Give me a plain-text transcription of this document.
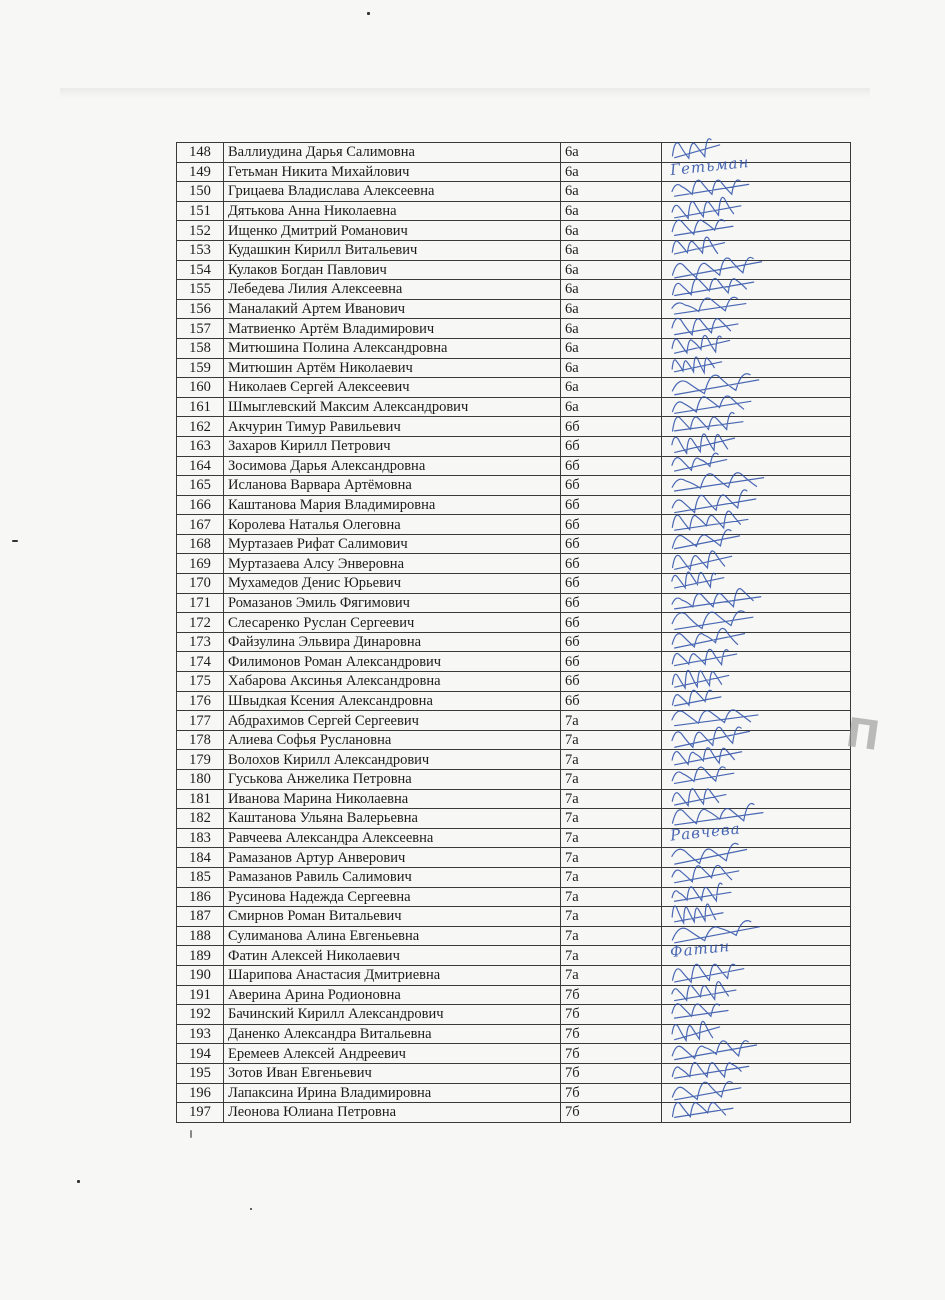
148	Валлиудина Дарья Салимовна	6а	

149	Гетьман Никита Михайлович	6а	Гетьман

150	Грицаева Владислава Алексеевна	6а	

151	Дятькова Анна Николаевна	6а	

152	Ищенко Дмитрий Романович	6а	

153	Кудашкин Кирилл Витальевич	6а	

154	Кулаков Богдан Павлович	6а	

155	Лебедева Лилия Алексеевна	6а	

156	Маналакий Артем Иванович	6а	

157	Матвиенко Артём Владимирович	6а	

158	Митюшина Полина Александровна	6а	

159	Митюшин Артём Николаевич	6а	

160	Николаев Сергей Алексеевич	6а	

161	Шмыглевский Максим Александрович	6а	

162	Акчурин Тимур Равильевич	6б	

163	Захаров Кирилл Петрович	6б	

164	Зосимова Дарья Александровна	6б	

165	Исланова Варвара Артёмовна	6б	

166	Каштанова Мария Владимировна	6б	

167	Королева Наталья Олеговна	6б	

168	Муртазаев Рифат Салимович	6б	

169	Муртазаева Алсу Энверовна	6б	

170	Мухамедов Денис Юрьевич	6б	

171	Ромазанов Эмиль Фягимович	6б	

172	Слесаренко Руслан Сергеевич	6б	

173	Файзулина Эльвира Динаровна	6б	

174	Филимонов Роман Александрович	6б	

175	Хабарова Аксинья Александровна	6б	

176	Швыдкая Ксения Александровна	6б	

177	Абдрахимов Сергей Сергеевич	7а	

178	Алиева Софья Руслановна	7а	

179	Волохов Кирилл Александрович	7а	

180	Гуськова Анжелика Петровна	7а	

181	Иванова Марина Николаевна	7а	

182	Каштанова Ульяна Валерьевна	7а	

183	Равчеева Александра Алексеевна	7а	Равчева

184	Рамазанов Артур Анверович	7а	

185	Рамазанов Равиль Салимович	7а	

186	Русинова Надежда Сергеевна	7а	

187	Смирнов Роман Витальевич	7а	

188	Сулиманова Алина Евгеньевна	7а	

189	Фатин Алексей Николаевич	7а	Фатин

190	Шарипова Анастасия Дмитриевна	7а	

191	Аверина Арина Родионовна	7б	

192	Бачинский Кирилл Александрович	7б	

193	Даненко Александра Витальевна	7б	

194	Еремеев Алексей Андреевич	7б	

195	Зотов Иван Евгеньевич	7б	

196	Лапаксина Ирина Владимировна	7б	

197	Леонова Юлиана Петровна	7б	
П
